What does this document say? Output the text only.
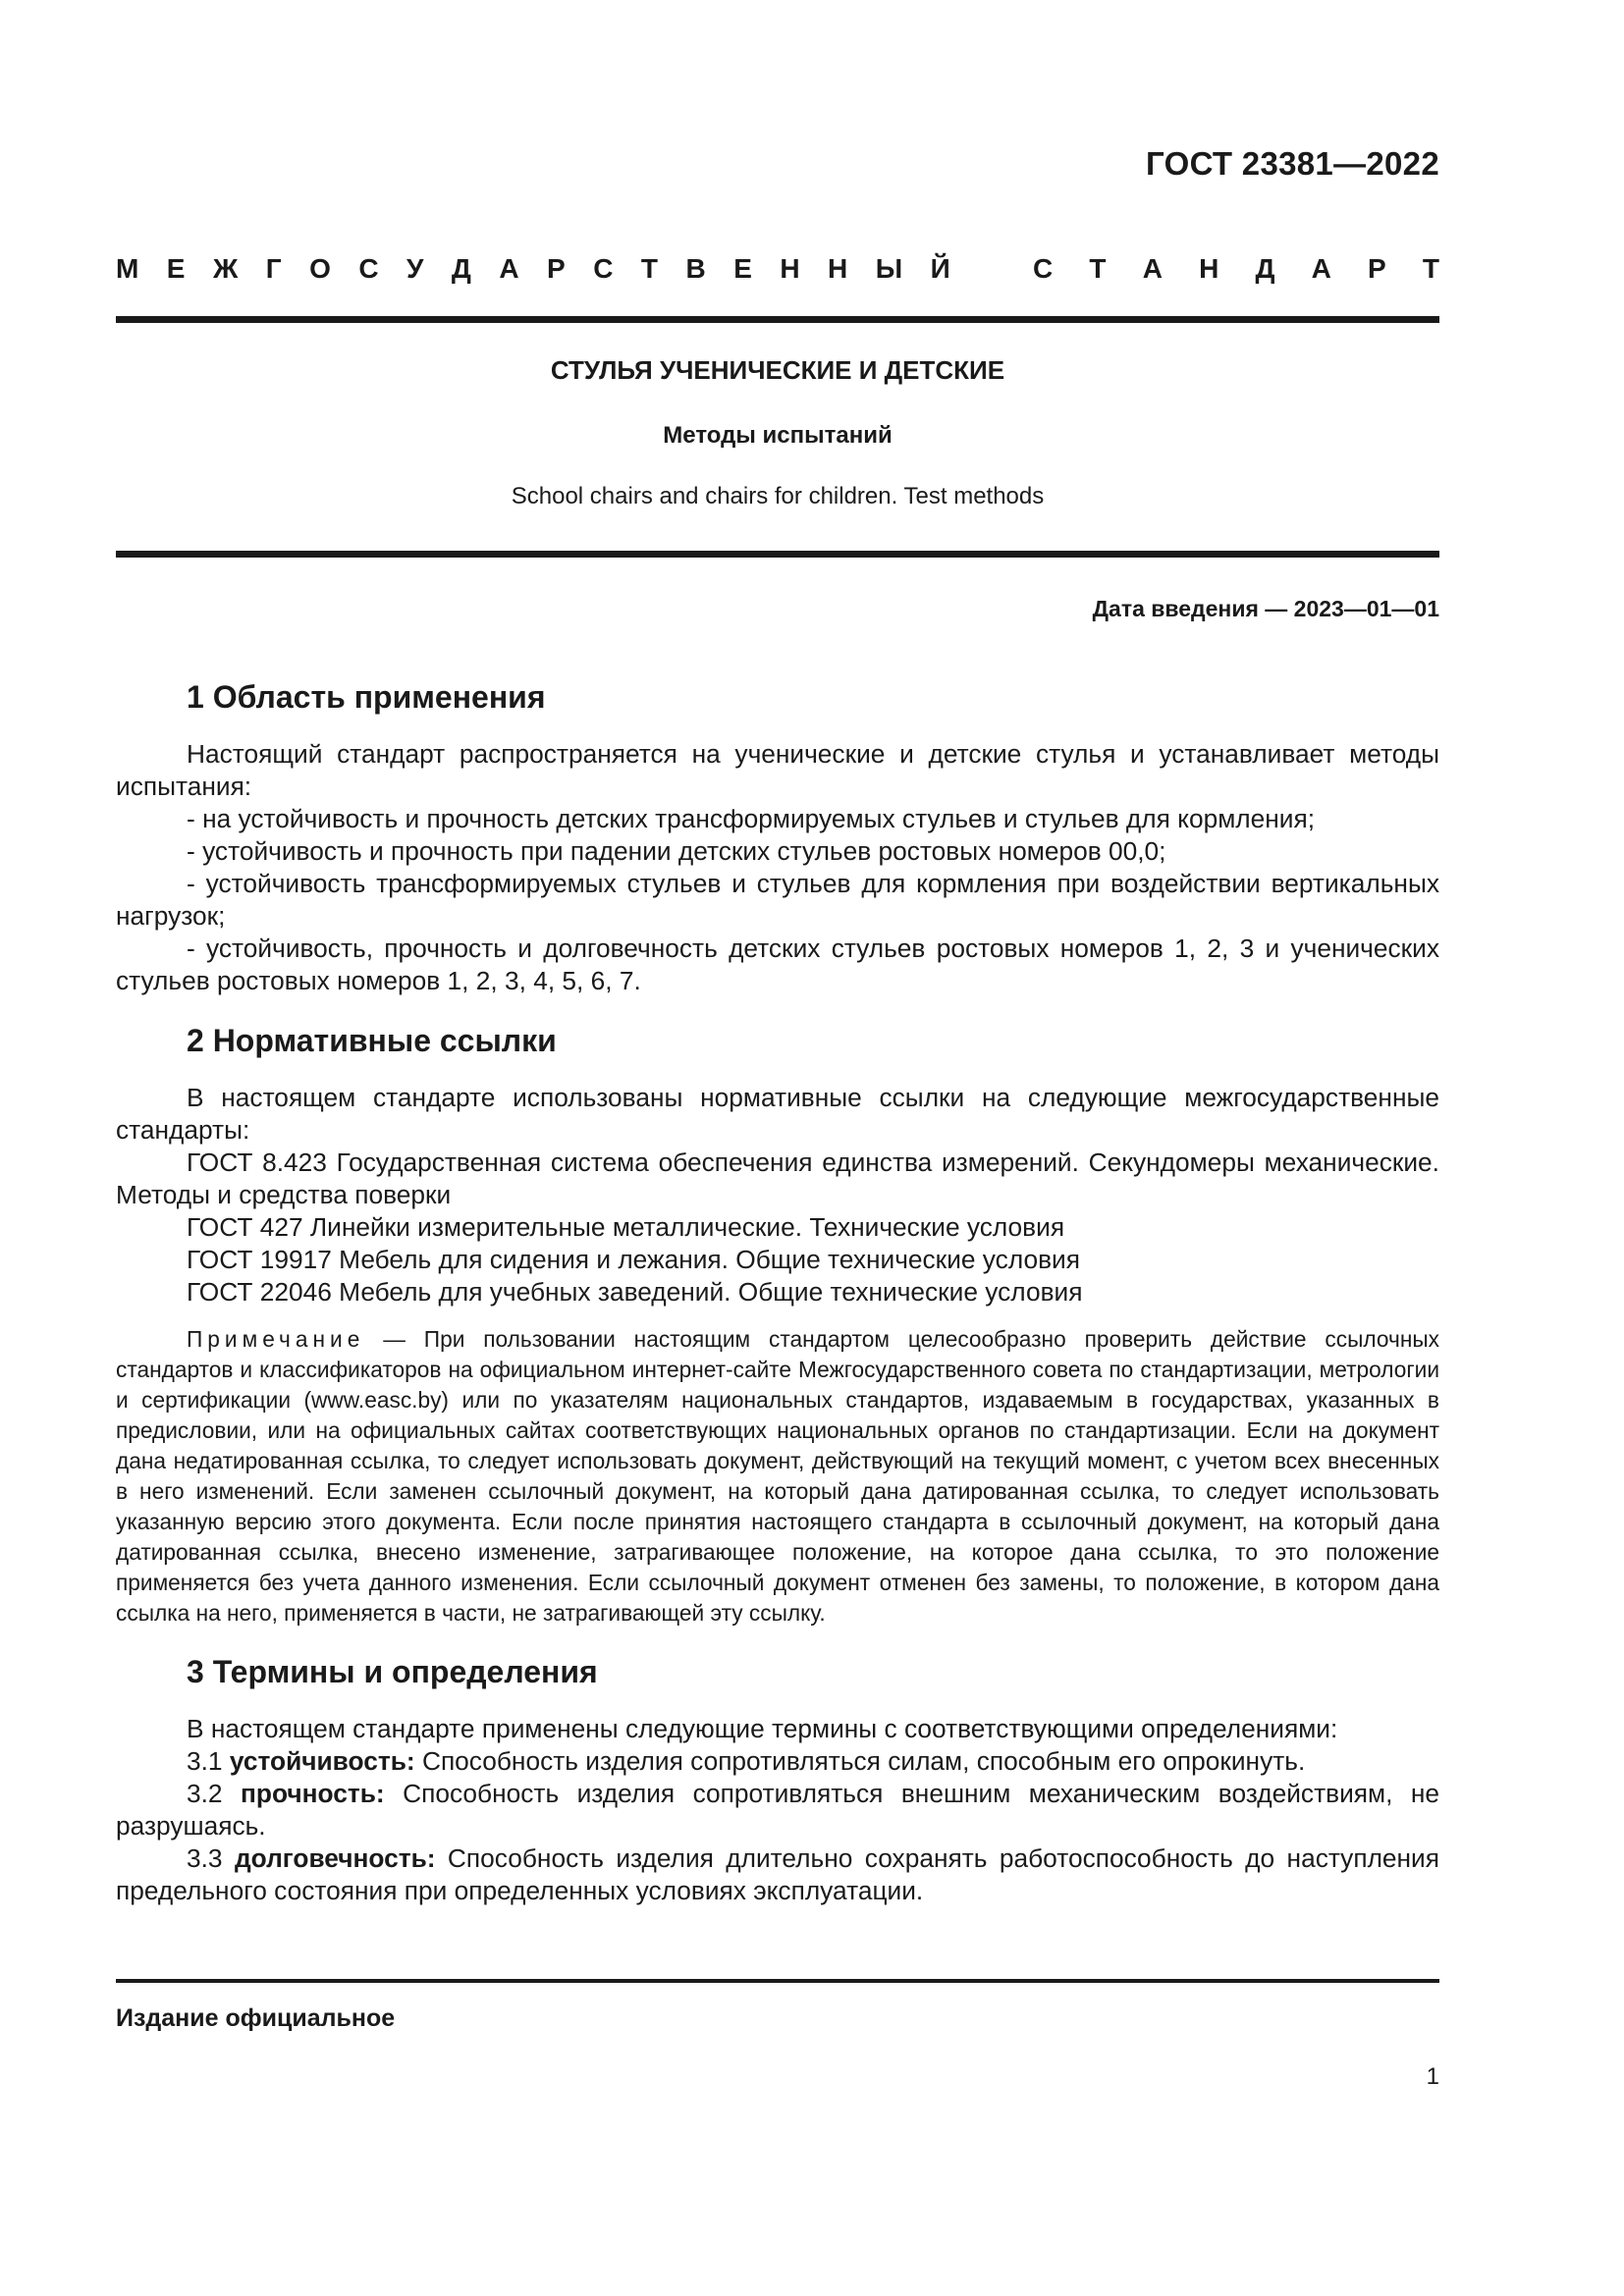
ГОСТ 23381—2022
М Е Ж Г О С У Д А Р С Т В Е Н Н Ы Й	С Т А Н Д А Р Т
СТУЛЬЯ УЧЕНИЧЕСКИЕ И ДЕТСКИЕ
Методы испытаний
School chairs and chairs for children. Test methods
Дата введения — 2023—01—01
1 Область применения

Настоящий стандарт распространяется на ученические и детские стулья и устанавливает методы испытания:

- на устойчивость и прочность детских трансформируемых стульев и стульев для кормления;

- устойчивость и прочность при падении детских стульев ростовых номеров 00,0;

- устойчивость трансформируемых стульев и стульев для кормления при воздействии вертикальных нагрузок;

- устойчивость, прочность и долговечность детских стульев ростовых номеров 1, 2, 3 и ученических стульев ростовых номеров 1, 2, 3, 4, 5, 6, 7.

2 Нормативные ссылки

В настоящем стандарте использованы нормативные ссылки на следующие межгосударственные стандарты:

ГОСТ 8.423 Государственная система обеспечения единства измерений. Секундомеры механические. Методы и средства поверки

ГОСТ 427 Линейки измерительные металлические. Технические условия

ГОСТ 19917 Мебель для сидения и лежания. Общие технические условия

ГОСТ 22046 Мебель для учебных заведений. Общие технические условия

Примечание — При пользовании настоящим стандартом целесообразно проверить действие ссылочных стандартов и классификаторов на официальном интернет-сайте Межгосударственного совета по стандартизации, метрологии и сертификации (www.easc.by) или по указателям национальных стандартов, издаваемым в государствах, указанных в предисловии, или на официальных сайтах соответствующих национальных органов по стандартизации. Если на документ дана недатированная ссылка, то следует использовать документ, действующий на текущий момент, с учетом всех внесенных в него изменений. Если заменен ссылочный документ, на который дана датированная ссылка, то следует использовать указанную версию этого документа. Если после принятия настоящего стандарта в ссылочный документ, на который дана датированная ссылка, внесено изменение, затрагивающее положение, на которое дана ссылка, то это положение применяется без учета данного изменения. Если ссылочный документ отменен без замены, то положение, в котором дана ссылка на него, применяется в части, не затрагивающей эту ссылку.

3 Термины и определения

В настоящем стандарте применены следующие термины с соответствующими определениями:

3.1 устойчивость: Способность изделия сопротивляться силам, способным его опрокинуть.

3.2 прочность: Способность изделия сопротивляться внешним механическим воздействиям, не разрушаясь.

3.3 долговечность: Способность изделия длительно сохранять работоспособность до наступления предельного состояния при определенных условиях эксплуатации.

Издание официальное
1
